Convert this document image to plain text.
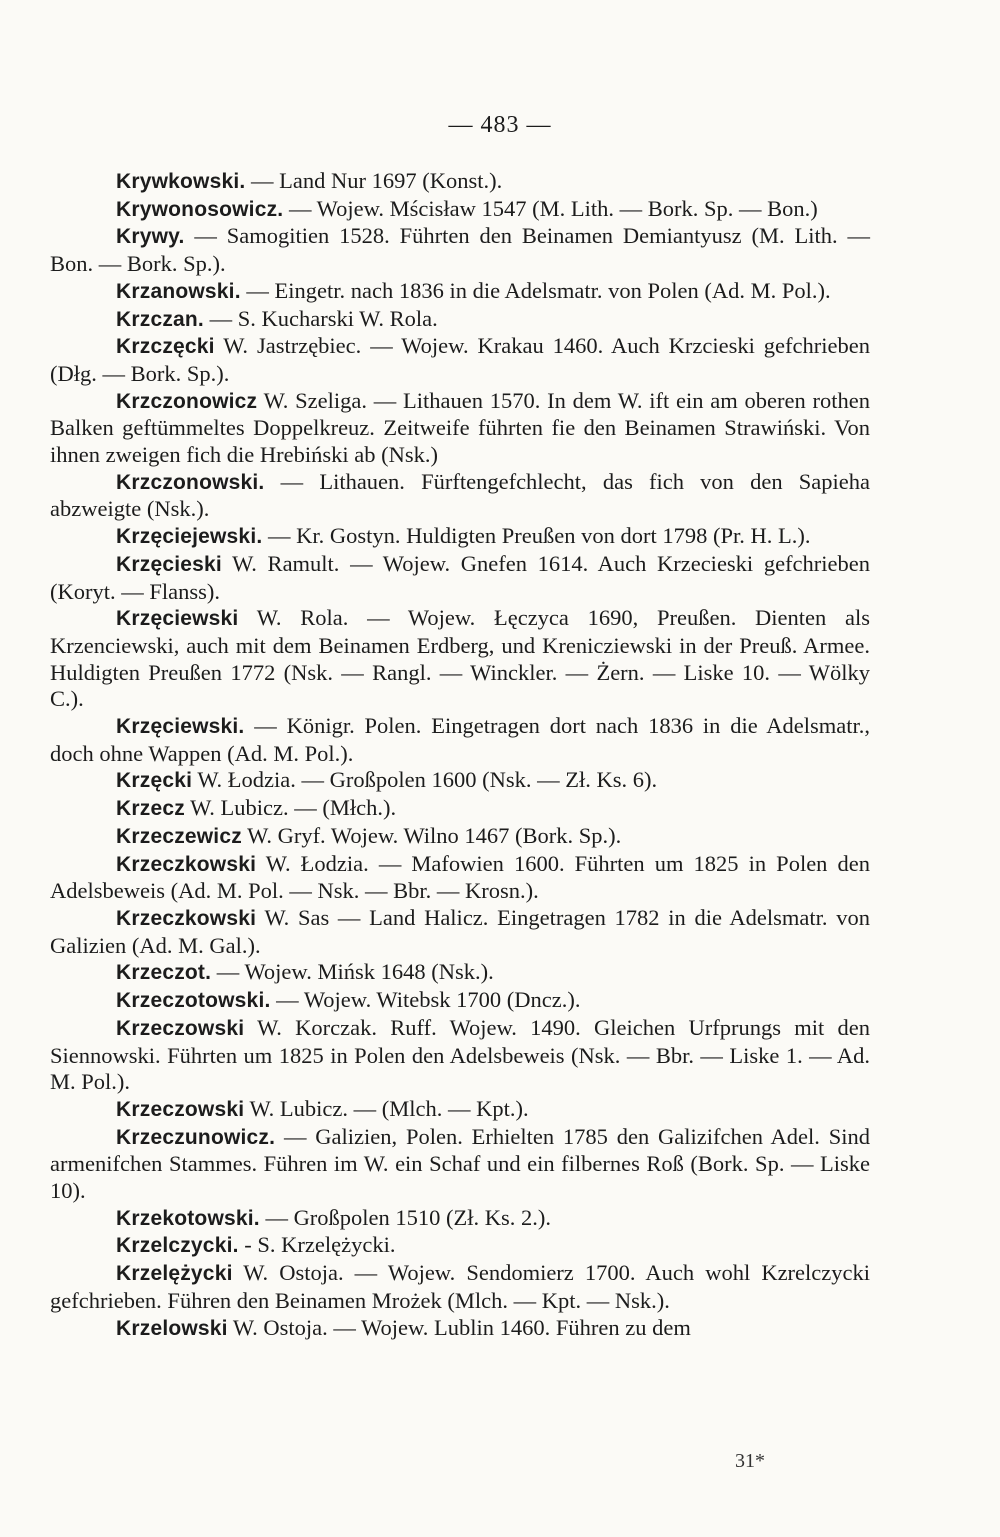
— 483 —

Krywkowski. — Land Nur 1697 (Konst.).

Krywonosowicz. — Wojew. Mścisław 1547 (M. Lith. — Bork. Sp. — Bon.)

Krywy. — Samogitien 1528. Führten den Beinamen Demiantyusz (M. Lith. — Bon. — Bork. Sp.).

Krzanowski. — Eingetr. nach 1836 in die Adelsmatr. von Polen (Ad. M. Pol.).

Krzczan. — S. Kucharski W. Rola.

Krzczęcki W. Jastrzębiec. — Wojew. Krakau 1460. Auch Krzcieski gefchrieben (Dłg. — Bork. Sp.).

Krzczonowicz W. Szeliga. — Lithauen 1570. In dem W. ift ein am oberen rothen Balken geftümmeltes Doppelkreuz. Zeitweife führten fie den Beinamen Strawiński. Von ihnen zweigen fich die Hrebiński ab (Nsk.)

Krzczonowski. — Lithauen. Fürftengefchlecht, das fich von den Sapieha abzweigte (Nsk.).

Krzęciejewski. — Kr. Gostyn. Huldigten Preußen von dort 1798 (Pr. H. L.).

Krzęcieski W. Ramult. — Wojew. Gnefen 1614. Auch Krzecieski gefchrieben (Koryt. — Flanss).

Krzęciewski W. Rola. — Wojew. Łęczyca 1690, Preußen. Dienten als Krzenciewski, auch mit dem Beinamen Erdberg, und Krenicziewski in der Preuß. Armee. Huldigten Preußen 1772 (Nsk. — Rangl. — Winckler. — Żern. — Liske 10. — Wölky C.).

Krzęciewski. — Königr. Polen. Eingetragen dort nach 1836 in die Adelsmatr., doch ohne Wappen (Ad. M. Pol.).

Krzęcki W. Łodzia. — Großpolen 1600 (Nsk. — Zł. Ks. 6).

Krzecz W. Lubicz. — (Młch.).

Krzeczewicz W. Gryf. Wojew. Wilno 1467 (Bork. Sp.).

Krzeczkowski W. Łodzia. — Mafowien 1600. Führten um 1825 in Polen den Adelsbeweis (Ad. M. Pol. — Nsk. — Bbr. — Krosn.).

Krzeczkowski W. Sas — Land Halicz. Eingetragen 1782 in die Adelsmatr. von Galizien (Ad. M. Gal.).

Krzeczot. — Wojew. Mińsk 1648 (Nsk.).

Krzeczotowski. — Wojew. Witebsk 1700 (Dncz.).

Krzeczowski W. Korczak. Ruff. Wojew. 1490. Gleichen Urfprungs mit den Siennowski. Führten um 1825 in Polen den Adelsbeweis (Nsk. — Bbr. — Liske 1. — Ad. M. Pol.).

Krzeczowski W. Lubicz. — (Mlch. — Kpt.).

Krzeczunowicz. — Galizien, Polen. Erhielten 1785 den Galizifchen Adel. Sind armenifchen Stammes. Führen im W. ein Schaf und ein filbernes Roß (Bork. Sp. — Liske 10).

Krzekotowski. — Großpolen 1510 (Zł. Ks. 2.).

Krzelczycki. - S. Krzelężycki.

Krzelężycki W. Ostoja. — Wojew. Sendomierz 1700. Auch wohl Kzrelczycki gefchrieben. Führen den Beinamen Mrożek (Mlch. — Kpt. — Nsk.).

Krzelowski W. Ostoja. — Wojew. Lublin 1460. Führen zu dem

31*
